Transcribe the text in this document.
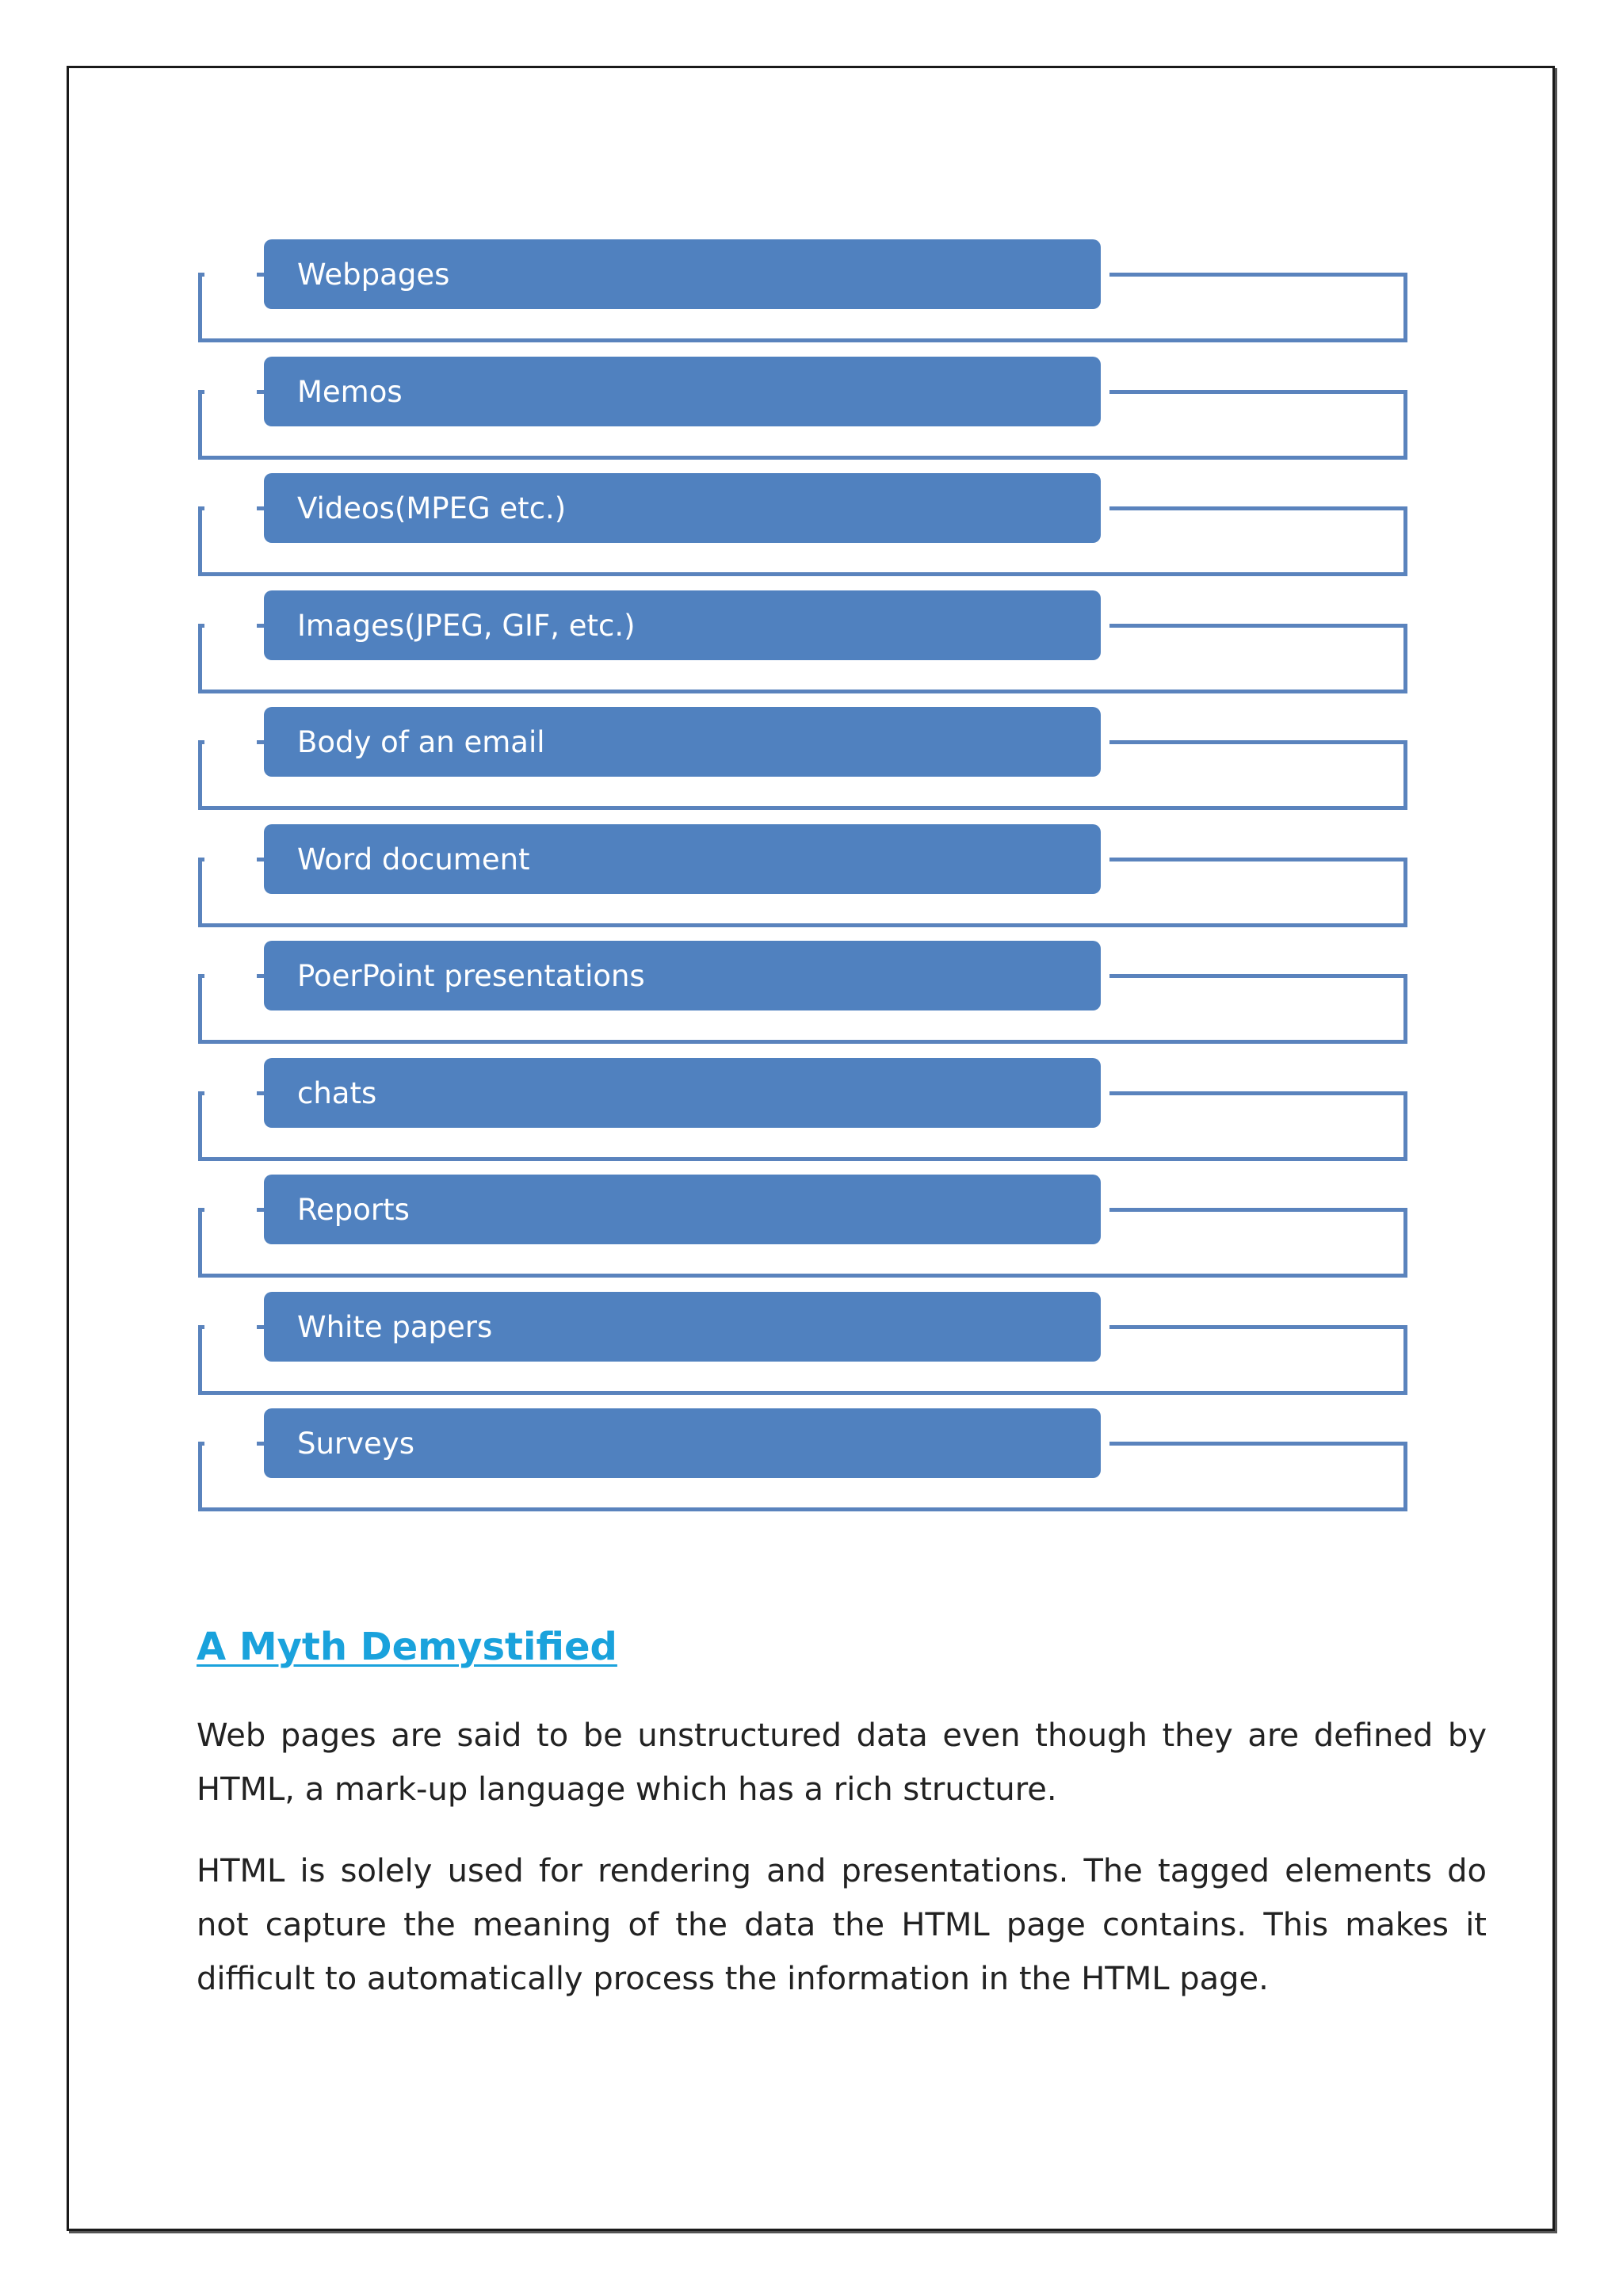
Webpages
Memos
Videos(MPEG etc.)
Images(JPEG, GIF, etc.)
Body of an email
Word document
PoerPoint presentations
chats
Reports
White papers
Surveys
A Myth Demystified

Web pages are said to be unstructured data even though they are defined by HTML, a mark-up language which has a rich structure.

HTML is solely used for rendering and presentations. The tagged elements do not capture the meaning of the data the HTML page contains. This makes it difficult to automatically process the information in the HTML page.
